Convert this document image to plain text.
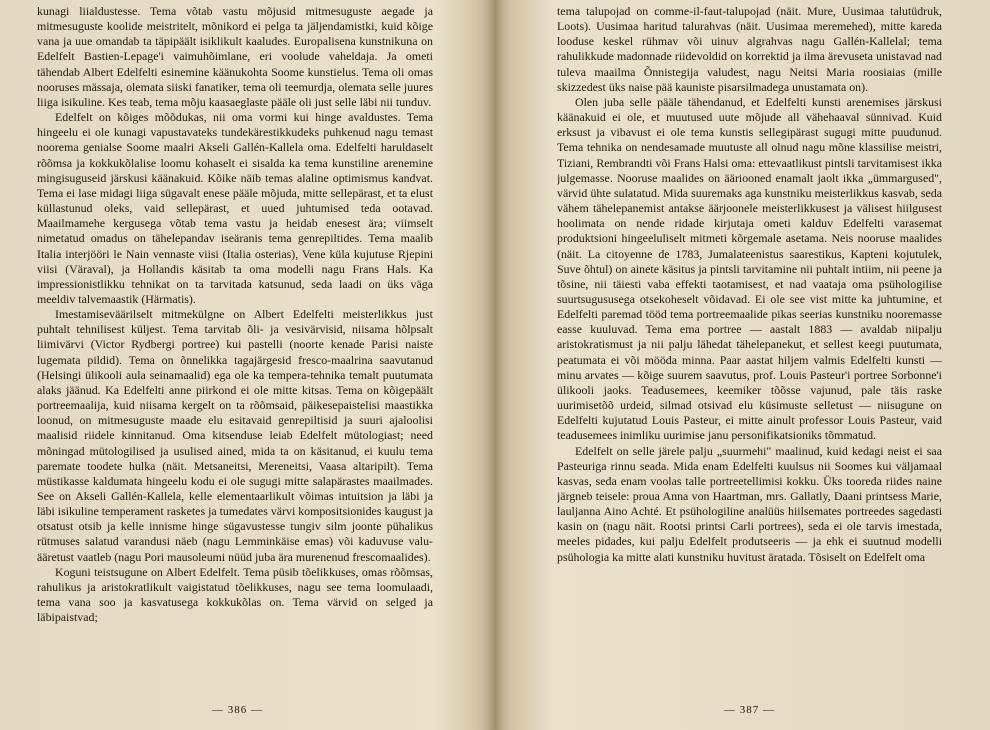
kunagi liialdustesse. Tema võtab vastu mõjusid mitmesuguste aegade ja mitmesuguste koolide meistritelt, mõnikord ei pelga ta jäljendamistki, kuid kõige vana ja uue omandab ta täpipäält isiklikult kaaludes. Europalisena kunstnikuna on Edelfelt Bastien-Lepage'i vaimuhõimlane, eri voolude vaheldaja. Ja ometi tähendab Albert Edelfelti esinemine käänukohta Soome kunstielus. Tema oli omas nooruses mässaja, olemata siiski fanatiker, tema oli teemurdja, olemata selle juures liiga isikuline. Kes teab, tema mõju kaasaeglaste pääle oli just selle läbi nii tunduv.

Edelfelt on kõiges mõõdukas, nii oma vormi kui hinge avaldustes. Tema hingeelu ei ole kunagi vapustavateks tundekärestikkudeks puhkenud nagu temast noorema genialse Soome maalri Akseli Gallén-Kallela oma. Edelfelti haruldaselt rõõmsa ja kokkukõlalise loomu kohaselt ei sisalda ka tema kunstiline arenemine mingisuguseid järskusi käänakuid. Kõike näib temas alaline optimismus kandvat. Tema ei lase midagi liiga sügavalt enese pääle mõjuda, mitte sellepärast, et ta elust küllastunud oleks, vaid sellepärast, et uued juhtumised teda ootavad. Maailmamehe kergusega võtab tema vastu ja heidab enesest ära; viimselt nimetatud omadus on tähelepandav iseäranis tema genrepiltides. Tema maalib Italia interjööri le Nain vennaste viisi (Italia osterias), Vene küla kujutuse Rjepini viisi (Väraval), ja Hollandis käsitab ta oma modelli nagu Frans Hals. Ka impressionistlikku tehnikat on ta tarvitada katsunud, seda laadi on üks väga meeldiv talvemaastik (Härmatis).

Imestamiseväärilselt mitmekülgne on Albert Edelfelti meisterlikkus just puhtalt tehnilisest küljest. Tema tarvitab õli- ja vesivärvisid, niisama hõlpsalt liimivärvi (Victor Rydbergi portree) kui pastelli (noorte kenade Parisi naiste lugemata pildid). Tema on õnnelikka tagajärgesid fresco-maalrina saavutanud (Helsingi ülikooli aula seinamaalid) ega ole ka tempera-tehnika temalt puutumata alaks jäänud. Ka Edelfelti anne piirkond ei ole mitte kitsas. Tema on kõigepäält portreemaalija, kuid niisama kergelt on ta rõõmsaid, päikesepaistelisi maastikka loonud, on mitmesuguste maade elu esitavaid genrepiltisid ja suuri ajaloolisi maalisid riidele kinnitanud. Oma kitsenduse leiab Edelfelt mütologiast; need mõningad mütologilised ja usulised ained, mida ta on käsitanud, ei kuulu tema paremate toodete hulka (näit. Metsaneitsi, Mereneitsi, Vaasa altaripilt). Tema müstikasse kaldumata hingeelu kodu ei ole sugugi mitte salapärastes maailmades. See on Akseli Gallén-Kallela, kelle elementaarlikult võimas intuitsion ja läbi ja läbi isikuline temperament rasketes ja tumedates värvi kompositsionides kaugust ja otsatust otsib ja kelle innisme hinge sügavustesse tungiv silm joonte pühalikus rütmuses salatud varandusi näeb (nagu Lemminkäise emas) või kaduvuse valu-ääretust vaatleb (nagu Pori mausoleumi nüüd juba ära murenenud frescomaalides).

Koguni teistsugune on Albert Edelfelt. Tema püsib tõelikkuses, omas rõõmsas, rahulikus ja aristokratlikult vaigistatud tõelikkuses, nagu see tema loomulaadi, tema vana soo ja kasvatusega kokkukõlas on. Tema värvid on selged ja läbipaistvad;

— 386 —

tema talupojad on comme-il-faut-talupojad (näit. Mure, Uusimaa talutüdruk, Loots). Uusimaa haritud talurahvas (näit. Uusimaa meremehed), mitte kareda looduse keskel rühmav või uinuv algrahvas nagu Gallén-Kallelal; tema rahulikkude madonnade riidevoldid on korrektid ja ilma ärevuseta unistavad nad tuleva maailma Õnnistegija valudest, nagu Neitsi Maria roosiaias (mille skizzedest üks naise pää kauniste pisarsilmadega unustamata on).

Olen juba selle pääle tähendanud, et Edelfelti kunsti arenemises järskusi käänakuid ei ole, et muutused uute mõjude all vähehaaval sünnivad. Kuid erksust ja vibavust ei ole tema kunstis sellegipärast sugugi mitte puudunud. Tema tehnika on nendesamade muutuste all olnud nagu mõne klassilise meistri, Tiziani, Rembrandti või Frans Halsi oma: ettevaatlikust pintsli tarvitamisest ikka julgemasse. Nooruse maalides on ääriooned enamalt jaolt ikka „ümmargused", värvid ühte sulatatud. Mida suuremaks aga kunstniku meisterlikkus kasvab, seda vähem tähelepanemist antakse äärjoonele meisterlikkusest ja välisest hiilgusest hoolimata on nende ridade kirjutaja ometi kalduv Edelfelti varasemat produktsioni hingeeluliselt mitmeti kõrgemale asetama. Neis nooruse maalides (näit. La citoyenne de 1783, Jumalateenistus saarestikus, Kapteni kojutulek, Suve õhtul) on ainete käsitus ja pintsli tarvitamine nii puhtalt intiim, nii peene ja tõsine, nii täiesti vaba effekti taotamisest, et nad vaataja oma psühologilise suurtsugususega otsekoheselt võidavad. Ei ole see vist mitte ka juhtumine, et Edelfelti paremad tööd tema portreemaalide pikas seerias kunstniku nooremasse easse kuuluvad. Tema ema portree — aastalt 1883 — avaldab niipalju aristokratismust ja nii palju lähedat tähelepanekut, et sellest keegi puutumata, peatumata ei või mööda minna. Paar aastat hiljem valmis Edelfelti kunsti — minu arvates — kõige suurem saavutus, prof. Louis Pasteur'i portree Sorbonne'i ülikooli jaoks. Teadusemees, keemiker tõõsse vajunud, pale täis raske uurimisetõõ urdeid, silmad otsivad elu küsimuste selletust — niisugune on Edelfelti kujutatud Louis Pasteur, ei mitte ainult professor Louis Pasteur, vaid teadusemees inimliku uurimise janu personifikatsioniks tõmmatud.

Edelfelt on selle järele palju „suurmehi" maalinud, kuid kedagi neist ei saa Pasteuriga rinnu seada. Mida enam Edelfelti kuulsus nii Soomes kui väljamaal kasvas, seda enam voolas talle portreetellimisi kokku. Üks tooreda riides naine järgneb teisele: proua Anna von Haartman, mrs. Gallatly, Daani printsess Marie, lauljanna Aino Achté. Et psühologiline analüüs hiilsemates portreedes sagedasti kasin on (nagu näit. Rootsi printsi Carli portrees), seda ei ole tarvis imestada, meeles pidades, kui palju Edelfelt produtseeris — ja ehk ei suutnud modelli psühologia ka mitte alati kunstniku huvitust äratada. Tõsiselt on Edelfelt oma

— 387 —
